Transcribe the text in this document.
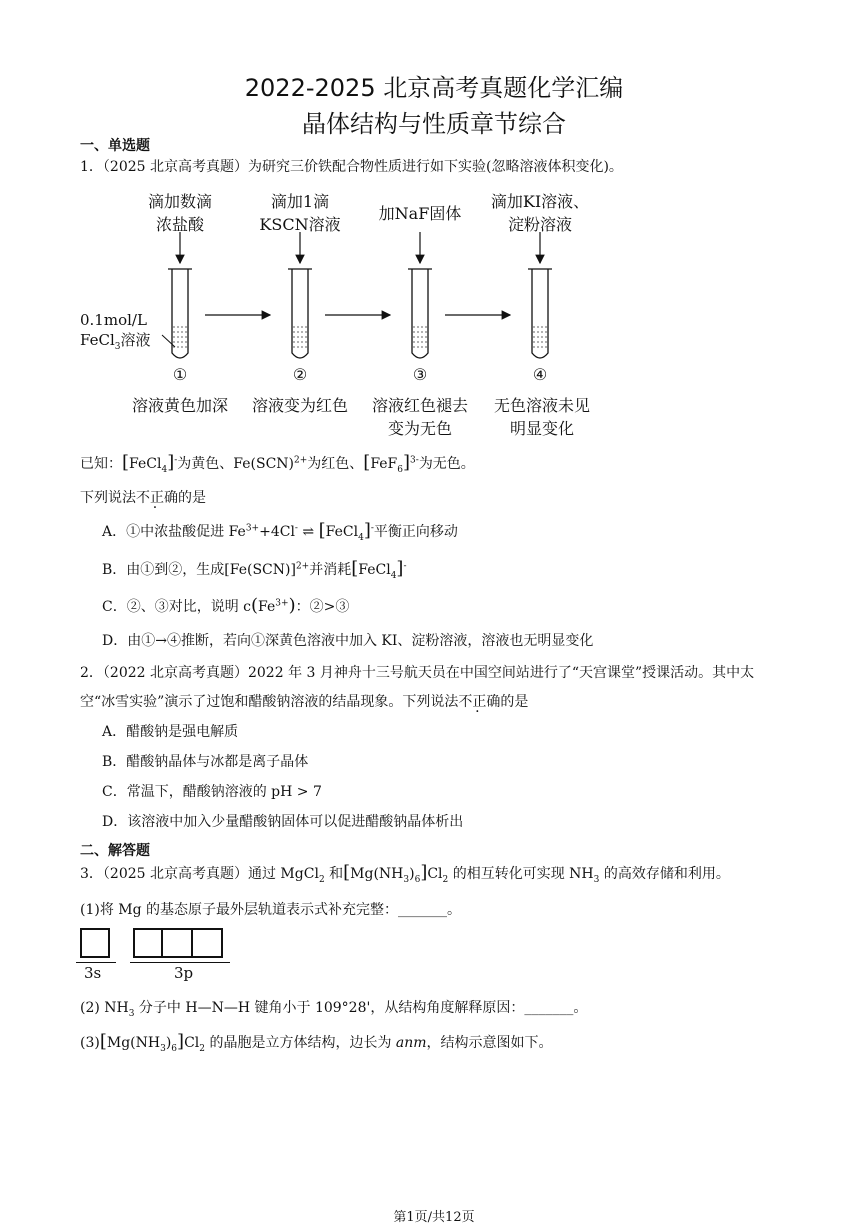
2022-2025 北京高考真题化学汇编
晶体结构与性质章节综合
一、单选题
1．（2025 北京高考真题）为研究三价铁配合物性质进行如下实验(忽略溶液体积变化)。
滴加数滴
浓盐酸
滴加1滴
KSCN溶液
加NaF固体
滴加KI溶液、
淀粉溶液
0.1mol/L
FeCl$_3$溶液
①	②	③	④
溶液黄色加深	溶液变为红色	溶液红色褪去
变为无色
无色溶液未见
明显变化
已知：[FeCl$_4$]-为黄色、Fe(SCN)$^{2+}$为红色、$[FeF_6]^{3-}$为无色。
下列说法不正确的是
A．①中浓盐酸促进 $Fe^{3+}+4Cl^-$ ⇌ [FeCl$_4$]-平衡正向移动
B．由①到②，生成$[Fe(SCN)]^{2+}$并消耗[FeCl$_4$]-
C．②、③对比，说明 $c(Fe^{3+})$：②>③
D．由①→④推断，若向①深黄色溶液中加入 KI、淀粉溶液，溶液也无明显变化
2．（2022 北京高考真题）2022 年 3 月神舟十三号航天员在中国空间站进行了“天宫课堂”授课活动。其中太
空“冰雪实验”演示了过饱和醋酸钠溶液的结晶现象。下列说法不正确的是
A．醋酸钠是强电解质
B．醋酸钠晶体与冰都是离子晶体
C．常温下，醋酸钠溶液的 pH > 7
D．该溶液中加入少量醋酸钠固体可以促进醋酸钠晶体析出
二、解答题
3．（2025 北京高考真题）通过 MgCl$_2$ 和$[Mg(NH_3)_6]Cl_2$ 的相互转化可实现 $NH_3$ 的高效存储和利用。
(1)将 Mg 的基态原子最外层轨道表示式补充完整：_______。
3s	3p
(2) $NH_3$ 分子中 H—N—H 键角小于 109°28'，从结构角度解释原因：_______。
$(3)[Mg(NH_3)_6]Cl_2$ 的晶胞是立方体结构，边长为 anm，结构示意图如下。
第1页/共12页
